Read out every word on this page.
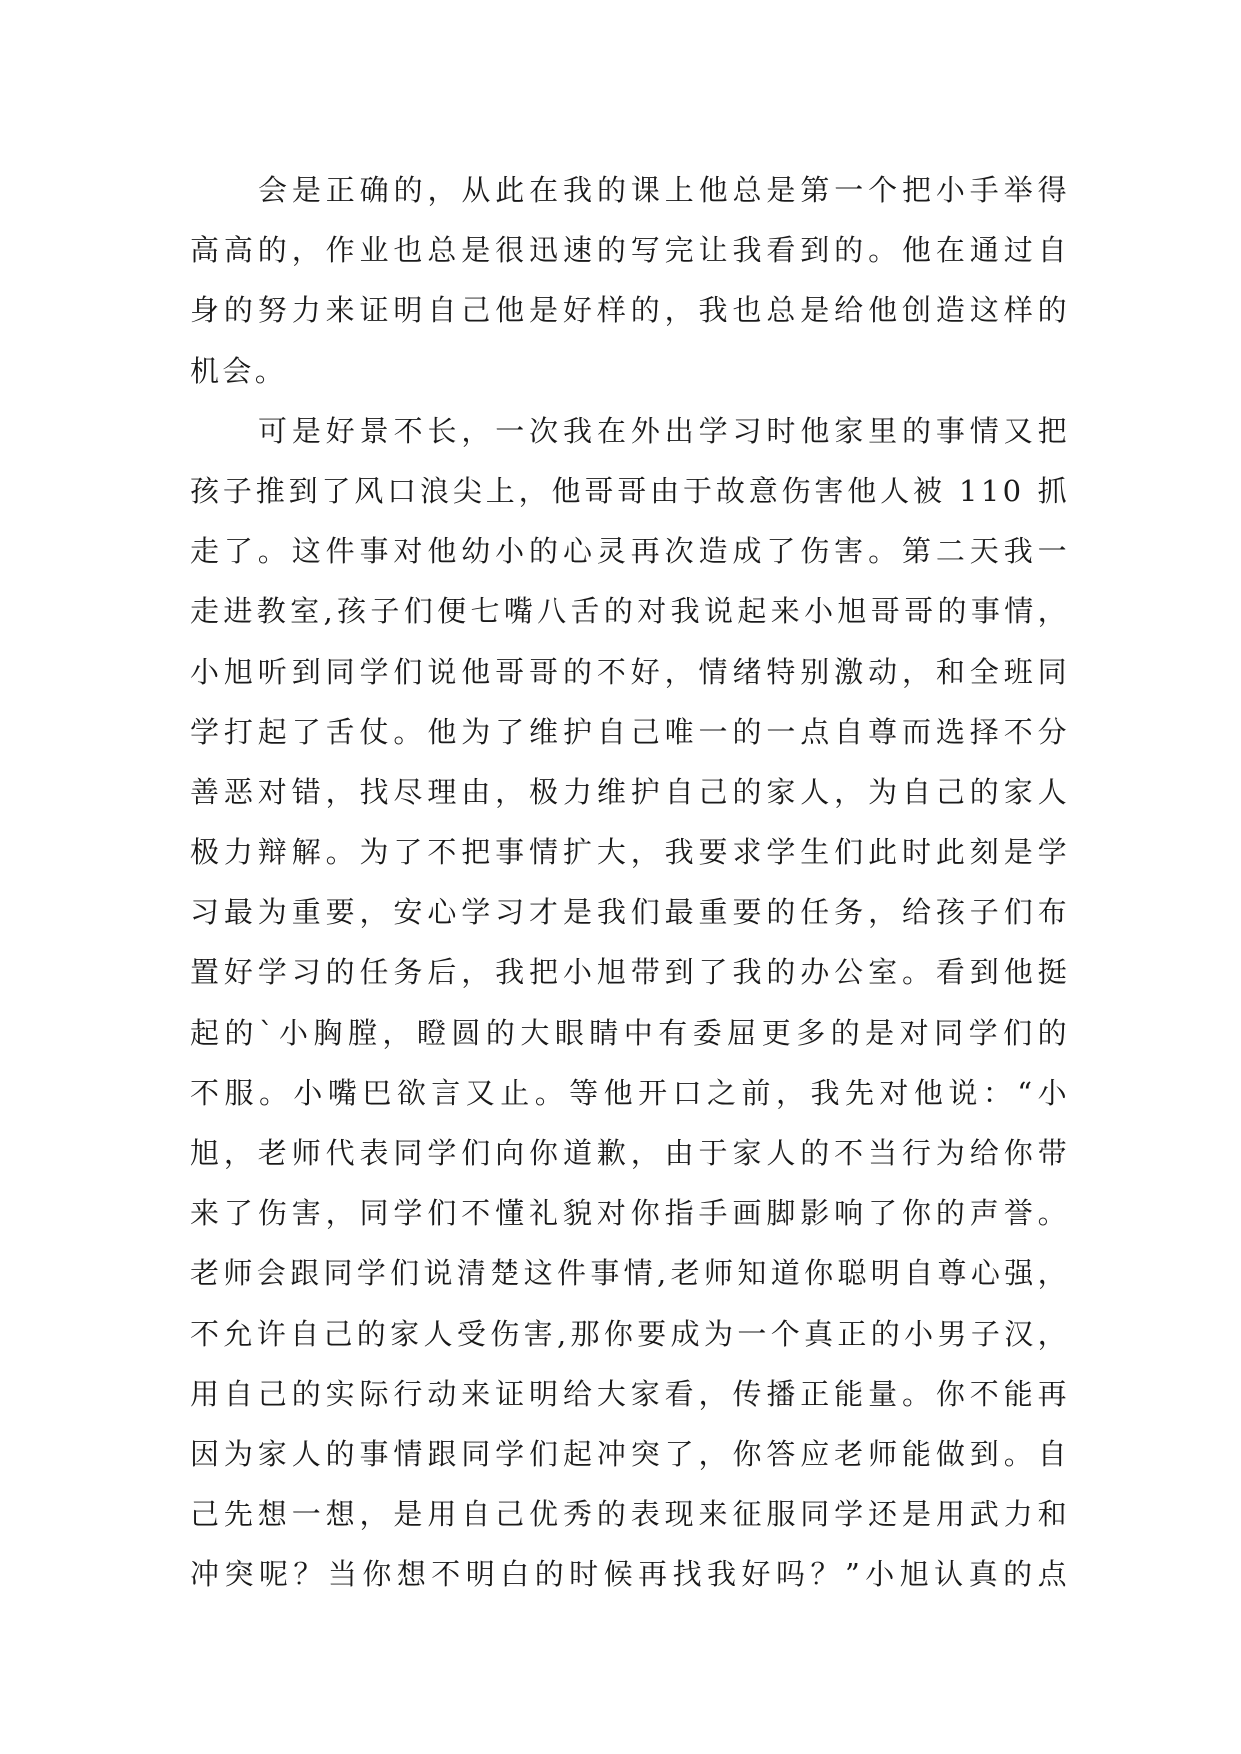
会是正确的，从此在我的课上他总是第一个把小手举得
高高的，作业也总是很迅速的写完让我看到的。他在通过自
身的努力来证明自己他是好样的，我也总是给他创造这样的
机会。
可是好景不长，一次我在外出学习时他家里的事情又把
孩子推到了风口浪尖上，他哥哥由于故意伤害他人被 110 抓
走了。这件事对他幼小的心灵再次造成了伤害。第二天我一
走进教室,孩子们便七嘴八舌的对我说起来小旭哥哥的事情，
小旭听到同学们说他哥哥的不好，情绪特别激动，和全班同
学打起了舌仗。他为了维护自己唯一的一点自尊而选择不分
善恶对错，找尽理由，极力维护自己的家人，为自己的家人
极力辩解。为了不把事情扩大，我要求学生们此时此刻是学
习最为重要，安心学习才是我们最重要的任务，给孩子们布
置好学习的任务后，我把小旭带到了我的办公室。看到他挺
起的`小胸膛，瞪圆的大眼睛中有委屈更多的是对同学们的
不服。小嘴巴欲言又止。等他开口之前，我先对他说：“小
旭，老师代表同学们向你道歉，由于家人的不当行为给你带
来了伤害，同学们不懂礼貌对你指手画脚影响了你的声誉。
老师会跟同学们说清楚这件事情,老师知道你聪明自尊心强，
不允许自己的家人受伤害,那你要成为一个真正的小男子汉，
用自己的实际行动来证明给大家看，传播正能量。你不能再
因为家人的事情跟同学们起冲突了，你答应老师能做到。自
己先想一想，是用自己优秀的表现来征服同学还是用武力和
冲突呢？当你想不明白的时候再找我好吗？”小旭认真的点
